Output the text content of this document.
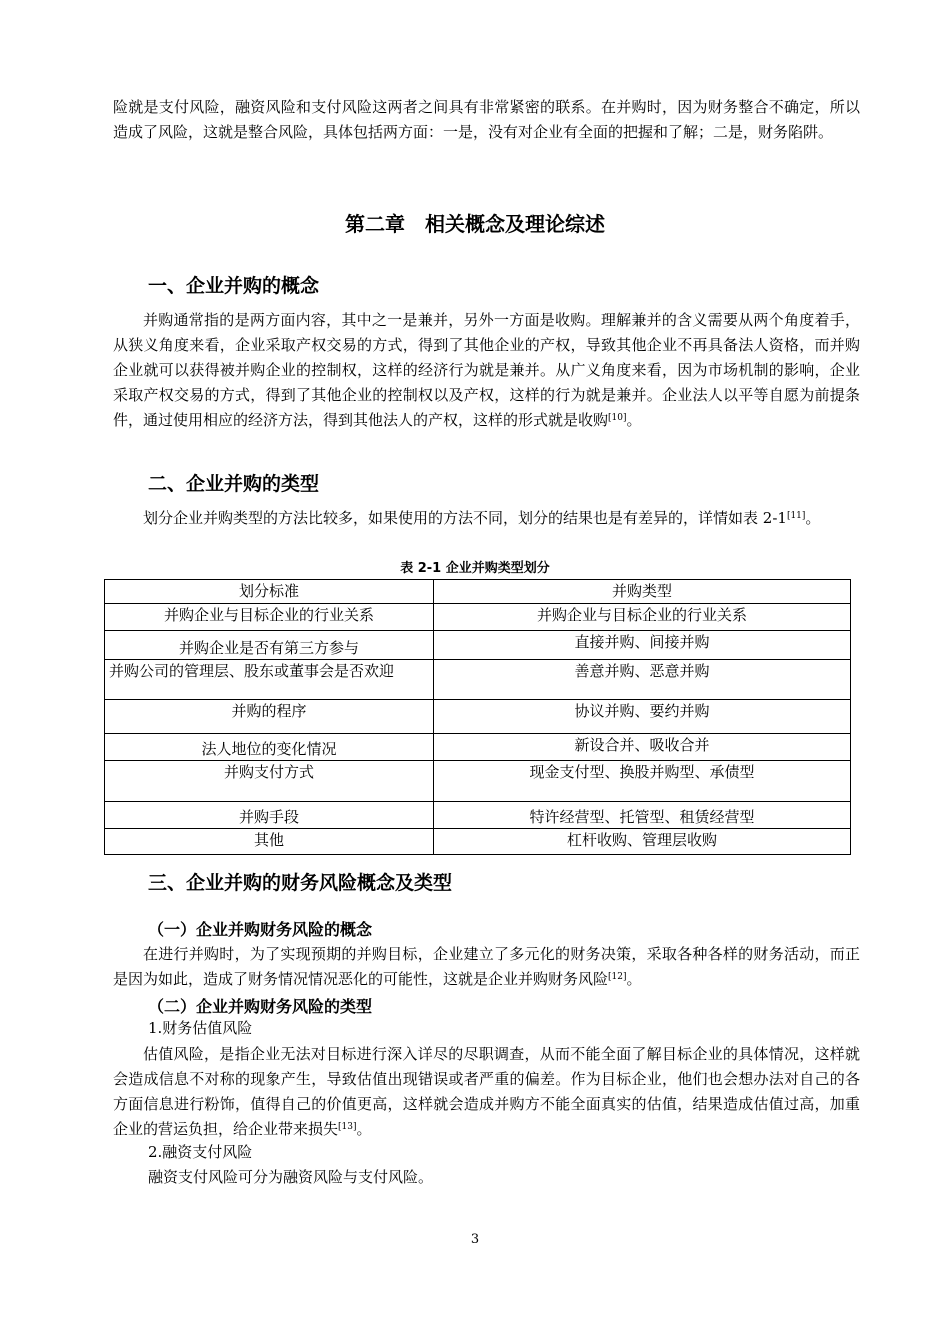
险就是支付风险，融资风险和支付风险这两者之间具有非常紧密的联系。在并购时，因为财务整合不确定，所以造成了风险，这就是整合风险，具体包括两方面：一是，没有对企业有全面的把握和了解；二是，财务陷阱。

第二章　相关概念及理论综述
一、企业并购的概念

并购通常指的是两方面内容，其中之一是兼并，另外一方面是收购。理解兼并的含义需要从两个角度着手，从狭义角度来看，企业采取产权交易的方式，得到了其他企业的产权，导致其他企业不再具备法人资格，而并购企业就可以获得被并购企业的控制权，这样的经济行为就是兼并。从广义角度来看，因为市场机制的影响，企业采取产权交易的方式，得到了其他企业的控制权以及产权，这样的行为就是兼并。企业法人以平等自愿为前提条件，通过使用相应的经济方法，得到其他法人的产权，这样的形式就是收购[10]。

二、企业并购的类型

划分企业并购类型的方法比较多，如果使用的方法不同，划分的结果也是有差异的，详情如表 2-1[11]。

表 2-1 企业并购类型划分

划分标准	并购类型
并购企业与目标企业的行业关系	并购企业与目标企业的行业关系
并购企业是否有第三方参与	直接并购、间接并购
并购公司的管理层、股东或董事会是否欢迎	善意并购、恶意并购
并购的程序	协议并购、要约并购
法人地位的变化情况	新设合并、吸收合并
并购支付方式	现金支付型、换股并购型、承债型
并购手段	特许经营型、托管型、租赁经营型
其他	杠杆收购、管理层收购
三、企业并购的财务风险概念及类型
（一）企业并购财务风险的概念

在进行并购时，为了实现预期的并购目标，企业建立了多元化的财务决策，采取各种各样的财务活动，而正是因为如此，造成了财务情况情况恶化的可能性，这就是企业并购财务风险[12]。

（二）企业并购财务风险的类型

1.财务估值风险

估值风险，是指企业无法对目标进行深入详尽的尽职调查，从而不能全面了解目标企业的具体情况，这样就会造成信息不对称的现象产生，导致估值出现错误或者严重的偏差。作为目标企业，他们也会想办法对自己的各方面信息进行粉饰，值得自己的价值更高，这样就会造成并购方不能全面真实的估值，结果造成估值过高，加重企业的营运负担，给企业带来损失[13]。

2.融资支付风险

融资支付风险可分为融资风险与支付风险。

3
